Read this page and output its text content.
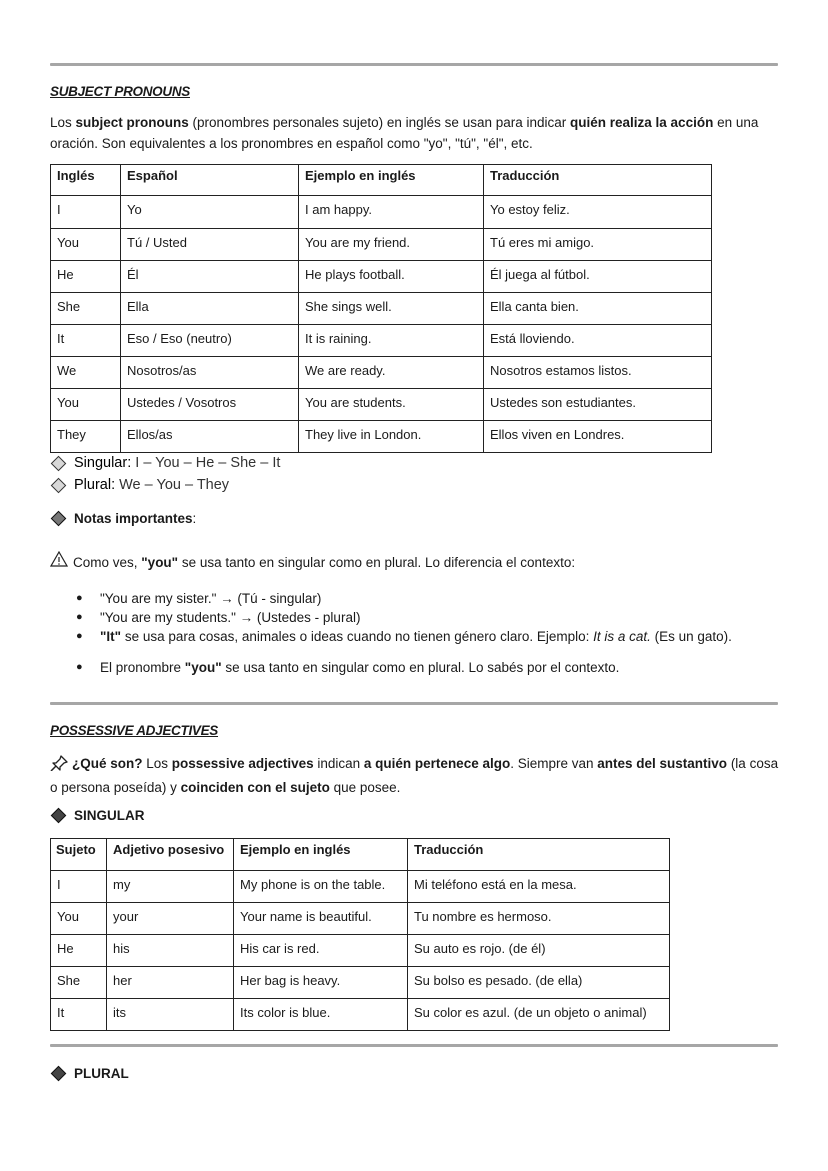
SUBJECT PRONOUNS
Los subject pronouns (pronombres personales sujeto) en inglés se usan para indicar quién realiza la acción en una oración. Son equivalentes a los pronombres en español como "yo", "tú", "él", etc.
Inglés	Español	Ejemplo en inglés	Traducción
I	Yo	I am happy.	Yo estoy feliz.
You	Tú / Usted	You are my friend.	Tú eres mi amigo.
He	Él	He plays football.	Él juega al fútbol.
She	Ella	She sings well.	Ella canta bien.
It	Eso / Eso (neutro)	It is raining.	Está lloviendo.
We	Nosotros/as	We are ready.	Nosotros estamos listos.
You	Ustedes / Vosotros	You are students.	Ustedes son estudiantes.
They	Ellos/as	They live in London.	Ellos viven en Londres.
Singular: I – You – He – She – It
Plural: We – You – They
Notas importantes:
Como ves, "you" se usa tanto en singular como en plural. Lo diferencia el contexto:
●	"You are my sister." → (Tú - singular)
●	"You are my students." → (Ustedes - plural)
●	"It" se usa para cosas, animales o ideas cuando no tienen género claro. Ejemplo: It is a cat. (Es un gato).
●	El pronombre "you" se usa tanto en singular como en plural. Lo sabés por el contexto.
POSSESSIVE ADJECTIVES
¿Qué son? Los possessive adjectives indican a quién pertenece algo. Siempre van antes del sustantivo (la cosa o persona poseída) y coinciden con el sujeto que posee.
SINGULAR
Sujeto	Adjetivo posesivo	Ejemplo en inglés	Traducción
I	my	My phone is on the table.	Mi teléfono está en la mesa.
You	your	Your name is beautiful.	Tu nombre es hermoso.
He	his	His car is red.	Su auto es rojo. (de él)
She	her	Her bag is heavy.	Su bolso es pesado. (de ella)
It	its	Its color is blue.	Su color es azul. (de un objeto o animal)
PLURAL
